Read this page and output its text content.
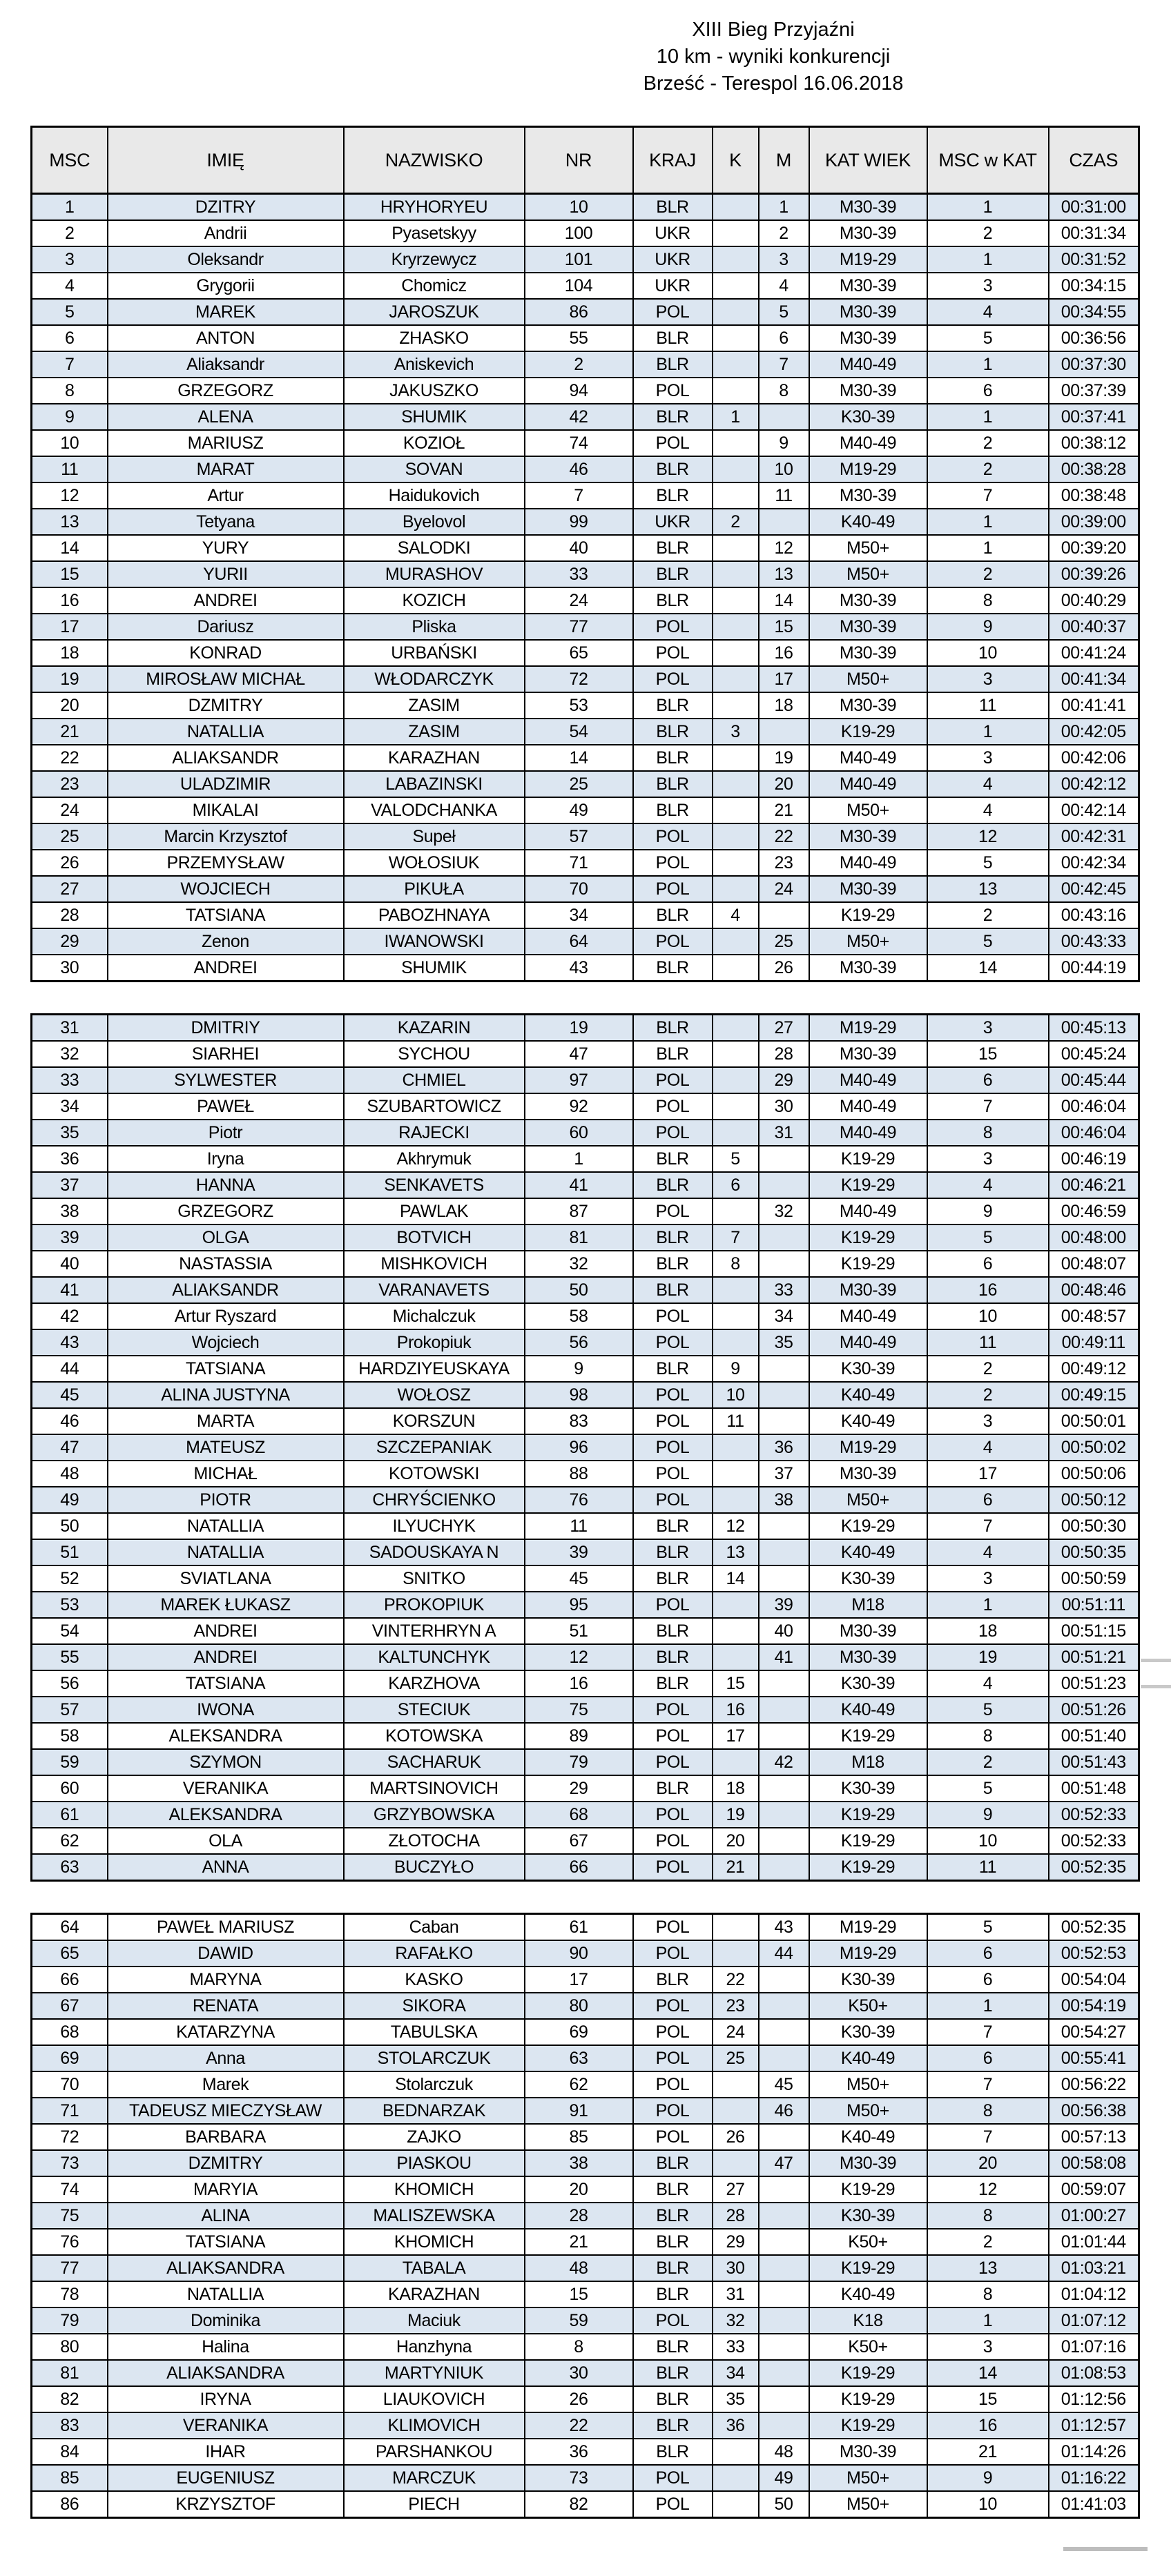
XIII Bieg Przyjaźni
10 km - wyniki konkurencji
Brześć - Terespol 16.06.2018
MSC	IMIĘ	NAZWISKO	NR	KRAJ	K	M	KAT WIEK	MSC w KAT	CZAS
1	DZITRY	HRYHORYEU	10	BLR		1	M30-39	1	00:31:00
2	Andrii	Pyasetskyy	100	UKR		2	M30-39	2	00:31:34
3	Oleksandr	Kryrzewycz	101	UKR		3	M19-29	1	00:31:52
4	Grygorii	Chomicz	104	UKR		4	M30-39	3	00:34:15
5	MAREK	JAROSZUK	86	POL		5	M30-39	4	00:34:55
6	ANTON	ZHASKO	55	BLR		6	M30-39	5	00:36:56
7	Aliaksandr	Aniskevich	2	BLR		7	M40-49	1	00:37:30
8	GRZEGORZ	JAKUSZKO	94	POL		8	M30-39	6	00:37:39
9	ALENA	SHUMIK	42	BLR	1		K30-39	1	00:37:41
10	MARIUSZ	KOZIOŁ	74	POL		9	M40-49	2	00:38:12
11	MARAT	SOVAN	46	BLR		10	M19-29	2	00:38:28
12	Artur	Haidukovich	7	BLR		11	M30-39	7	00:38:48
13	Tetyana	Byelovol	99	UKR	2		K40-49	1	00:39:00
14	YURY	SALODKI	40	BLR		12	M50+	1	00:39:20
15	YURII	MURASHOV	33	BLR		13	M50+	2	00:39:26
16	ANDREI	KOZICH	24	BLR		14	M30-39	8	00:40:29
17	Dariusz	Pliska	77	POL		15	M30-39	9	00:40:37
18	KONRAD	URBAŃSKI	65	POL		16	M30-39	10	00:41:24
19	MIROSŁAW MICHAŁ	WŁODARCZYK	72	POL		17	M50+	3	00:41:34
20	DZMITRY	ZASIM	53	BLR		18	M30-39	11	00:41:41
21	NATALLIA	ZASIM	54	BLR	3		K19-29	1	00:42:05
22	ALIAKSANDR	KARAZHAN	14	BLR		19	M40-49	3	00:42:06
23	ULADZIMIR	LABAZINSKI	25	BLR		20	M40-49	4	00:42:12
24	MIKALAI	VALODCHANKA	49	BLR		21	M50+	4	00:42:14
25	Marcin Krzysztof	Supeł	57	POL		22	M30-39	12	00:42:31
26	PRZEMYSŁAW	WOŁOSIUK	71	POL		23	M40-49	5	00:42:34
27	WOJCIECH	PIKUŁA	70	POL		24	M30-39	13	00:42:45
28	TATSIANA	PABOZHNAYA	34	BLR	4		K19-29	2	00:43:16
29	Zenon	IWANOWSKI	64	POL		25	M50+	5	00:43:33
30	ANDREI	SHUMIK	43	BLR		26	M30-39	14	00:44:19
31	DMITRIY	KAZARIN	19	BLR		27	M19-29	3	00:45:13
32	SIARHEI	SYCHOU	47	BLR		28	M30-39	15	00:45:24
33	SYLWESTER	CHMIEL	97	POL		29	M40-49	6	00:45:44
34	PAWEŁ	SZUBARTOWICZ	92	POL		30	M40-49	7	00:46:04
35	Piotr	RAJECKI	60	POL		31	M40-49	8	00:46:04
36	Iryna	Akhrymuk	1	BLR	5		K19-29	3	00:46:19
37	HANNA	SENKAVETS	41	BLR	6		K19-29	4	00:46:21
38	GRZEGORZ	PAWLAK	87	POL		32	M40-49	9	00:46:59
39	OLGA	BOTVICH	81	BLR	7		K19-29	5	00:48:00
40	NASTASSIA	MISHKOVICH	32	BLR	8		K19-29	6	00:48:07
41	ALIAKSANDR	VARANAVETS	50	BLR		33	M30-39	16	00:48:46
42	Artur Ryszard	Michalczuk	58	POL		34	M40-49	10	00:48:57
43	Wojciech	Prokopiuk	56	POL		35	M40-49	11	00:49:11
44	TATSIANA	HARDZIYEUSKAYA	9	BLR	9		K30-39	2	00:49:12
45	ALINA JUSTYNA	WOŁOSZ	98	POL	10		K40-49	2	00:49:15
46	MARTA	KORSZUN	83	POL	11		K40-49	3	00:50:01
47	MATEUSZ	SZCZEPANIAK	96	POL		36	M19-29	4	00:50:02
48	MICHAŁ	KOTOWSKI	88	POL		37	M30-39	17	00:50:06
49	PIOTR	CHRYŚCIENKO	76	POL		38	M50+	6	00:50:12
50	NATALLIA	ILYUCHYK	11	BLR	12		K19-29	7	00:50:30
51	NATALLIA	SADOUSKAYA N	39	BLR	13		K40-49	4	00:50:35
52	SVIATLANA	SNITKO	45	BLR	14		K30-39	3	00:50:59
53	MAREK ŁUKASZ	PROKOPIUK	95	POL		39	M18	1	00:51:11
54	ANDREI	VINTERHRYN A	51	BLR		40	M30-39	18	00:51:15
55	ANDREI	KALTUNCHYK	12	BLR		41	M30-39	19	00:51:21
56	TATSIANA	KARZHOVA	16	BLR	15		K30-39	4	00:51:23
57	IWONA	STECIUK	75	POL	16		K40-49	5	00:51:26
58	ALEKSANDRA	KOTOWSKA	89	POL	17		K19-29	8	00:51:40
59	SZYMON	SACHARUK	79	POL		42	M18	2	00:51:43
60	VERANIKA	MARTSINOVICH	29	BLR	18		K30-39	5	00:51:48
61	ALEKSANDRA	GRZYBOWSKA	68	POL	19		K19-29	9	00:52:33
62	OLA	ZŁOTOCHA	67	POL	20		K19-29	10	00:52:33
63	ANNA	BUCZYŁO	66	POL	21		K19-29	11	00:52:35
64	PAWEŁ MARIUSZ	Caban	61	POL		43	M19-29	5	00:52:35
65	DAWID	RAFAŁKO	90	POL		44	M19-29	6	00:52:53
66	MARYNA	KASKO	17	BLR	22		K30-39	6	00:54:04
67	RENATA	SIKORA	80	POL	23		K50+	1	00:54:19
68	KATARZYNA	TABULSKA	69	POL	24		K30-39	7	00:54:27
69	Anna	STOLARCZUK	63	POL	25		K40-49	6	00:55:41
70	Marek	Stolarczuk	62	POL		45	M50+	7	00:56:22
71	TADEUSZ MIECZYSŁAW	BEDNARZAK	91	POL		46	M50+	8	00:56:38
72	BARBARA	ZAJKO	85	POL	26		K40-49	7	00:57:13
73	DZMITRY	PIASKOU	38	BLR		47	M30-39	20	00:58:08
74	MARYIA	KHOMICH	20	BLR	27		K19-29	12	00:59:07
75	ALINA	MALISZEWSKA	28	BLR	28		K30-39	8	01:00:27
76	TATSIANA	KHOMICH	21	BLR	29		K50+	2	01:01:44
77	ALIAKSANDRA	TABALA	48	BLR	30		K19-29	13	01:03:21
78	NATALLIA	KARAZHAN	15	BLR	31		K40-49	8	01:04:12
79	Dominika	Maciuk	59	POL	32		K18	1	01:07:12
80	Halina	Hanzhyna	8	BLR	33		K50+	3	01:07:16
81	ALIAKSANDRA	MARTYNIUK	30	BLR	34		K19-29	14	01:08:53
82	IRYNA	LIAUKOVICH	26	BLR	35		K19-29	15	01:12:56
83	VERANIKA	KLIMOVICH	22	BLR	36		K19-29	16	01:12:57
84	IHAR	PARSHANKOU	36	BLR		48	M30-39	21	01:14:26
85	EUGENIUSZ	MARCZUK	73	POL		49	M50+	9	01:16:22
86	KRZYSZTOF	PIECH	82	POL		50	M50+	10	01:41:03
